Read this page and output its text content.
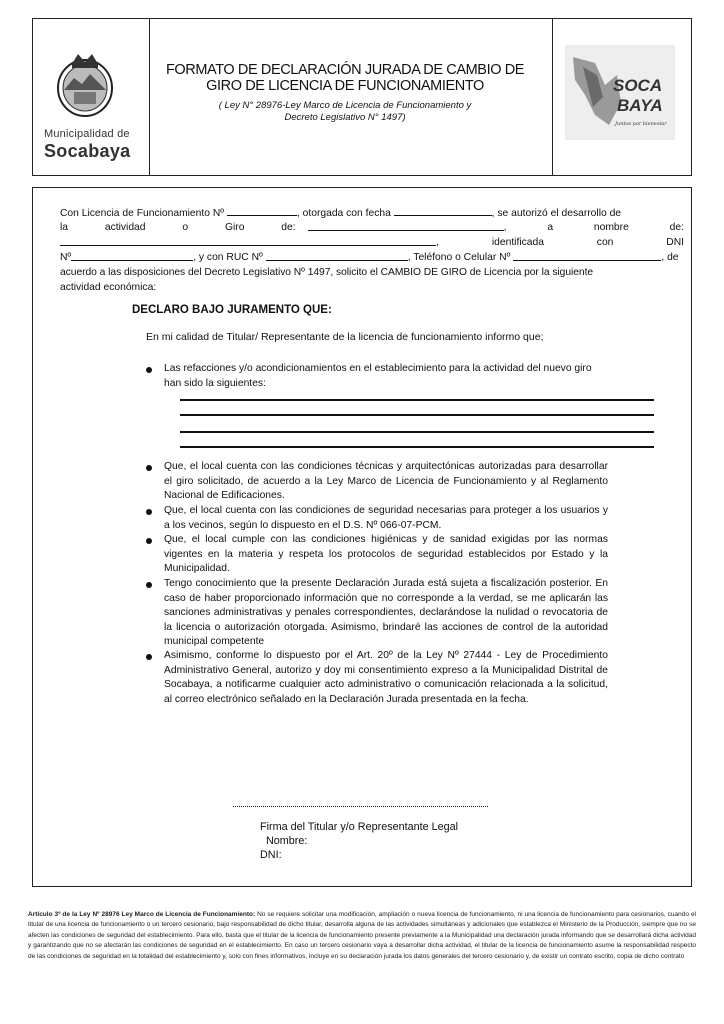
Municipalidad de
Socabaya
FORMATO DE DECLARACIÓN JURADA DE CAMBIO DE
GIRO DE LICENCIA DE FUNCIONAMIENTO
( Ley N° 28976-Ley Marco de Licencia de Funcionamiento y
Decreto Legislativo N° 1497)
SOCA
BAYA
Juntos por bienestar
Con Licencia de Funcionamiento Nº	, otorgada con fecha	, se autorizó el desarrollo de
la actividad o Giro de:	, a nombre de:
, identificada con DNI
Nº	, y con RUC Nº	, Teléfono o Celular Nº	, de
acuerdo a las disposiciones del Decreto Legislativo Nº 1497, solicito el CAMBIO DE GIRO de Licencia por la siguiente
actividad económica:
DECLARO BAJO JURAMENTO QUE:
En mi calidad de Titular/ Representante de la licencia de funcionamiento informo que;
Las refacciones y/o acondicionamientos en el establecimiento para la actividad del nuevo giro han sido la siguientes:
Que, el local cuenta con las condiciones técnicas y arquitectónicas autorizadas para desarrollar el giro solicitado, de acuerdo a la Ley Marco de Licencia de Funcionamiento y al Reglamento Nacional de Edificaciones.
Que, el local cuenta con las condiciones de seguridad necesarias para proteger a los usuarios y a los vecinos, según lo dispuesto en el D.S. Nº 066-07-PCM.
Que, el local cumple con las condiciones higiénicas y de sanidad exigidas por las normas vigentes en la materia y respeta los protocolos de seguridad establecidos por Estado y la Municipalidad.
Tengo conocimiento que la presente Declaración Jurada está sujeta a fiscalización posterior. En caso de haber proporcionado información que no corresponde a la verdad, se me aplicarán las sanciones administrativas y penales correspondientes, declarándose la nulidad o revocatoria de la licencia o autorización otorgada. Asimismo, brindaré las acciones de control de la autoridad municipal competente
Asimismo, conforme lo dispuesto por el Art. 20º de la Ley Nº 27444 - Ley de Procedimiento Administrativo General, autorizo y doy mi consentimiento expreso a la Municipalidad Distrital de Socabaya, a notificarme cualquier acto administrativo o comunicación relacionada a la solicitud, al correo electrónico señalado en la Declaración Jurada presentada en la fecha.
Firma del Titular y/o Representante Legal
Nombre:
DNI:
Artículo 3º de la Ley Nº 28976 Ley Marco de Licencia de Funcionamiento: No se requiere solicitar una modificación, ampliación o nueva licencia de funcionamiento, ni una licencia de funcionamiento para cesionarios, cuando el titular de una licencia de funcionamiento o un tercero cesionario, bajo responsabilidad de dicho titular, desarrolla alguna de las actividades simultáneas y adicionales que establezca el Ministerio de la Producción, siempre que no se afecten las condiciones de seguridad del establecimiento. Para ello, basta que el titular de la licencia de funcionamiento presente previamente a la Municipalidad una declaración jurada informando que se desarrollará dicha actividad y garantizando que no se afectarán las condiciones de seguridad en el establecimiento. En caso un tercero cesionario vaya a desarrollar dicha actividad, el titular de la licencia de funcionamiento asume la responsabilidad respecto de las condiciones de seguridad en la totalidad del establecimiento y, solo con fines informativos, incluye en su declaración jurada los datos generales del tercero cesionario y, de existir un contrato escrito, copia de dicho contrato
